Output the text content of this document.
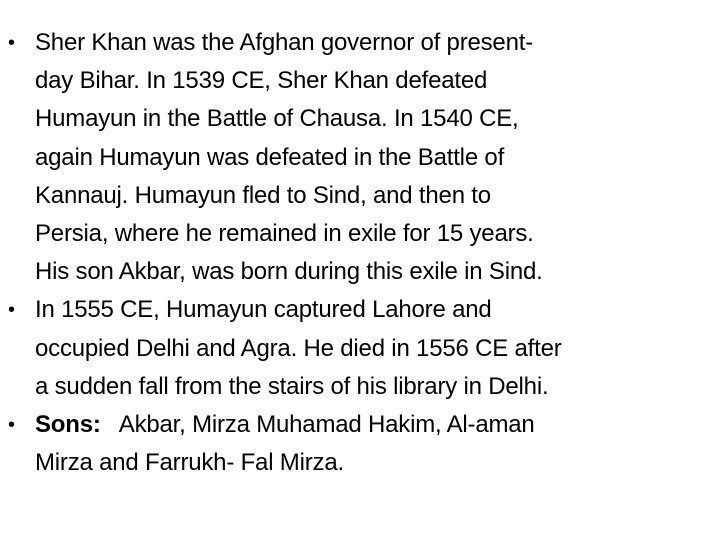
• Sher Khan was the Afghan governor of present-
day Bihar. In 1539 CE, Sher Khan defeated
Humayun in the Battle of Chausa. In 1540 CE,
again Humayun was defeated in the Battle of
Kannauj. Humayun fled to Sind, and then to
Persia, where he remained in exile for 15 years.
His son Akbar, was born during this exile in Sind.
• In 1555 CE, Humayun captured Lahore and
occupied Delhi and Agra. He died in 1556 CE after
a sudden fall from the stairs of his library in Delhi.
• Sons: Akbar, Mirza Muhamad Hakim, Al-aman
Mirza and Farrukh- Fal Mirza.
